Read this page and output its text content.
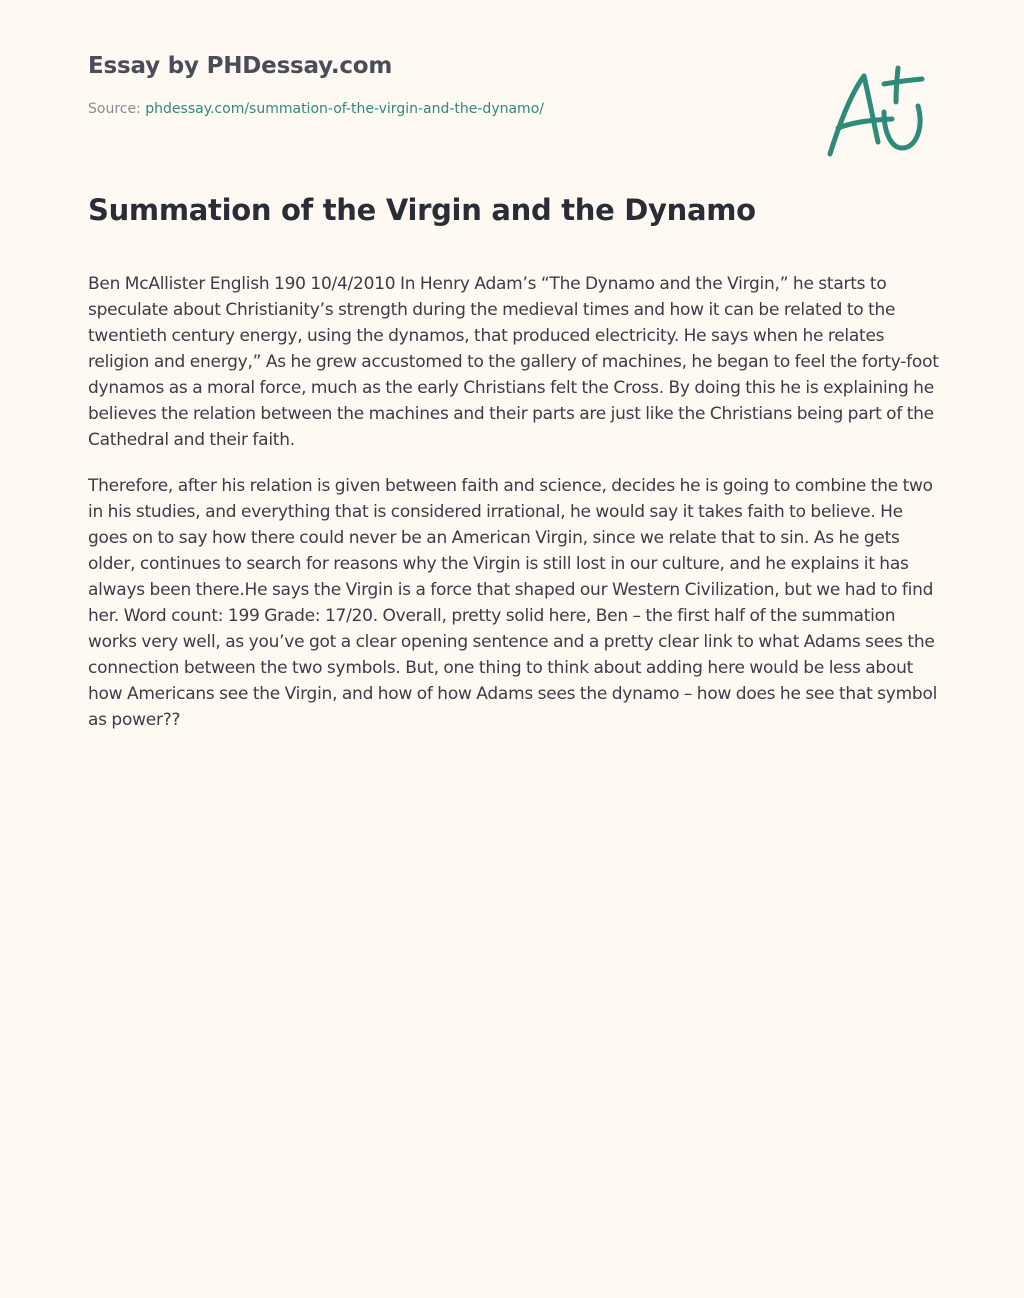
Essay by PHDessay.com
Source: phdessay.com/summation-of-the-virgin-and-the-dynamo/
Summation of the Virgin and the Dynamo

Ben McAllister English 190 10/4/2010 In Henry Adam’s “The Dynamo and the Virgin,” he starts to speculate about Christianity’s strength during the medieval times and how it can be related to the twentieth century energy, using the dynamos, that produced electricity. He says when he relates religion and energy,” As he grew accustomed to the gallery of machines, he began to feel the forty-foot dynamos as a moral force, much as the early Christians felt the Cross. By doing this he is explaining he believes the relation between the machines and their parts are just like the Christians being part of the Cathedral and their faith.

Therefore, after his relation is given between faith and science, decides he is going to combine the two in his studies, and everything that is considered irrational, he would say it takes faith to believe. He goes on to say how there could never be an American Virgin, since we relate that to sin. As he gets older, continues to search for reasons why the Virgin is still lost in our culture, and he explains it has always been there.He says the Virgin is a force that shaped our Western Civilization, but we had to find her. Word count: 199 Grade: 17/20. Overall, pretty solid here, Ben – the first half of the summation works very well, as you’ve got a clear opening sentence and a pretty clear link to what Adams sees the connection between the two symbols. But, one thing to think about adding here would be less about how Americans see the Virgin, and how of how Adams sees the dynamo – how does he see that symbol as power??
